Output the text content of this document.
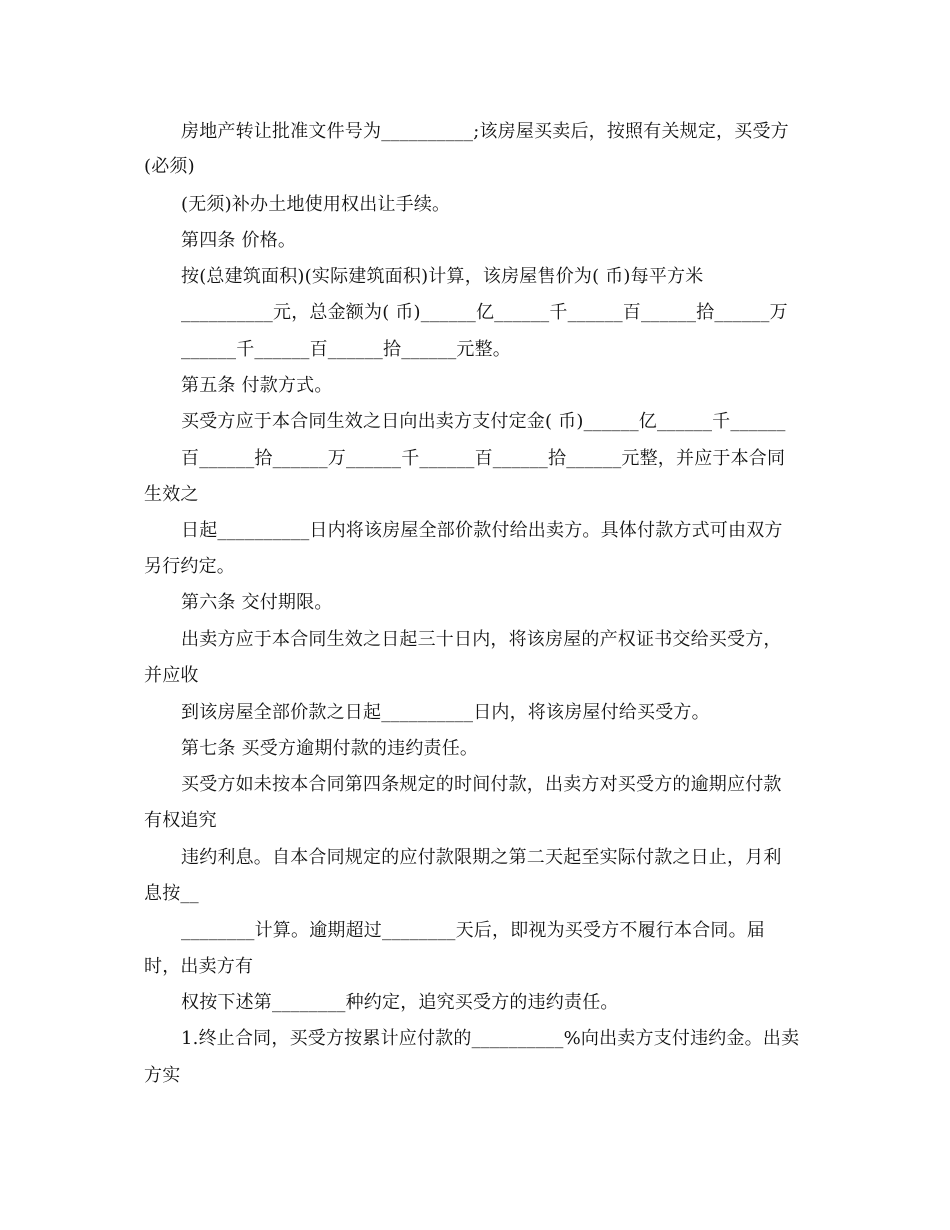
房地产转让批准文件号为__________;该房屋买卖后，按照有关规定，买受方
(必须)
(无须)补办土地使用权出让手续。
第四条 价格。
按(总建筑面积)(实际建筑面积)计算，该房屋售价为( 币)每平方米
__________元，总金额为( 币)______亿______千______百______拾______万
______千______百______拾______元整。
第五条 付款方式。
买受方应于本合同生效之日向出卖方支付定金( 币)______亿______千______
百______拾______万______千______百______拾______元整，并应于本合同
生效之
日起__________日内将该房屋全部价款付给出卖方。具体付款方式可由双方
另行约定。
第六条 交付期限。
出卖方应于本合同生效之日起三十日内，将该房屋的产权证书交给买受方，
并应收
到该房屋全部价款之日起__________日内，将该房屋付给买受方。
第七条 买受方逾期付款的违约责任。
买受方如未按本合同第四条规定的时间付款，出卖方对买受方的逾期应付款
有权追究
违约利息。自本合同规定的应付款限期之第二天起至实际付款之日止，月利
息按__
________计算。逾期超过________天后，即视为买受方不履行本合同。届
时，出卖方有
权按下述第________种约定，追究买受方的违约责任。
1.终止合同，买受方按累计应付款的__________%向出卖方支付违约金。出卖
方实
